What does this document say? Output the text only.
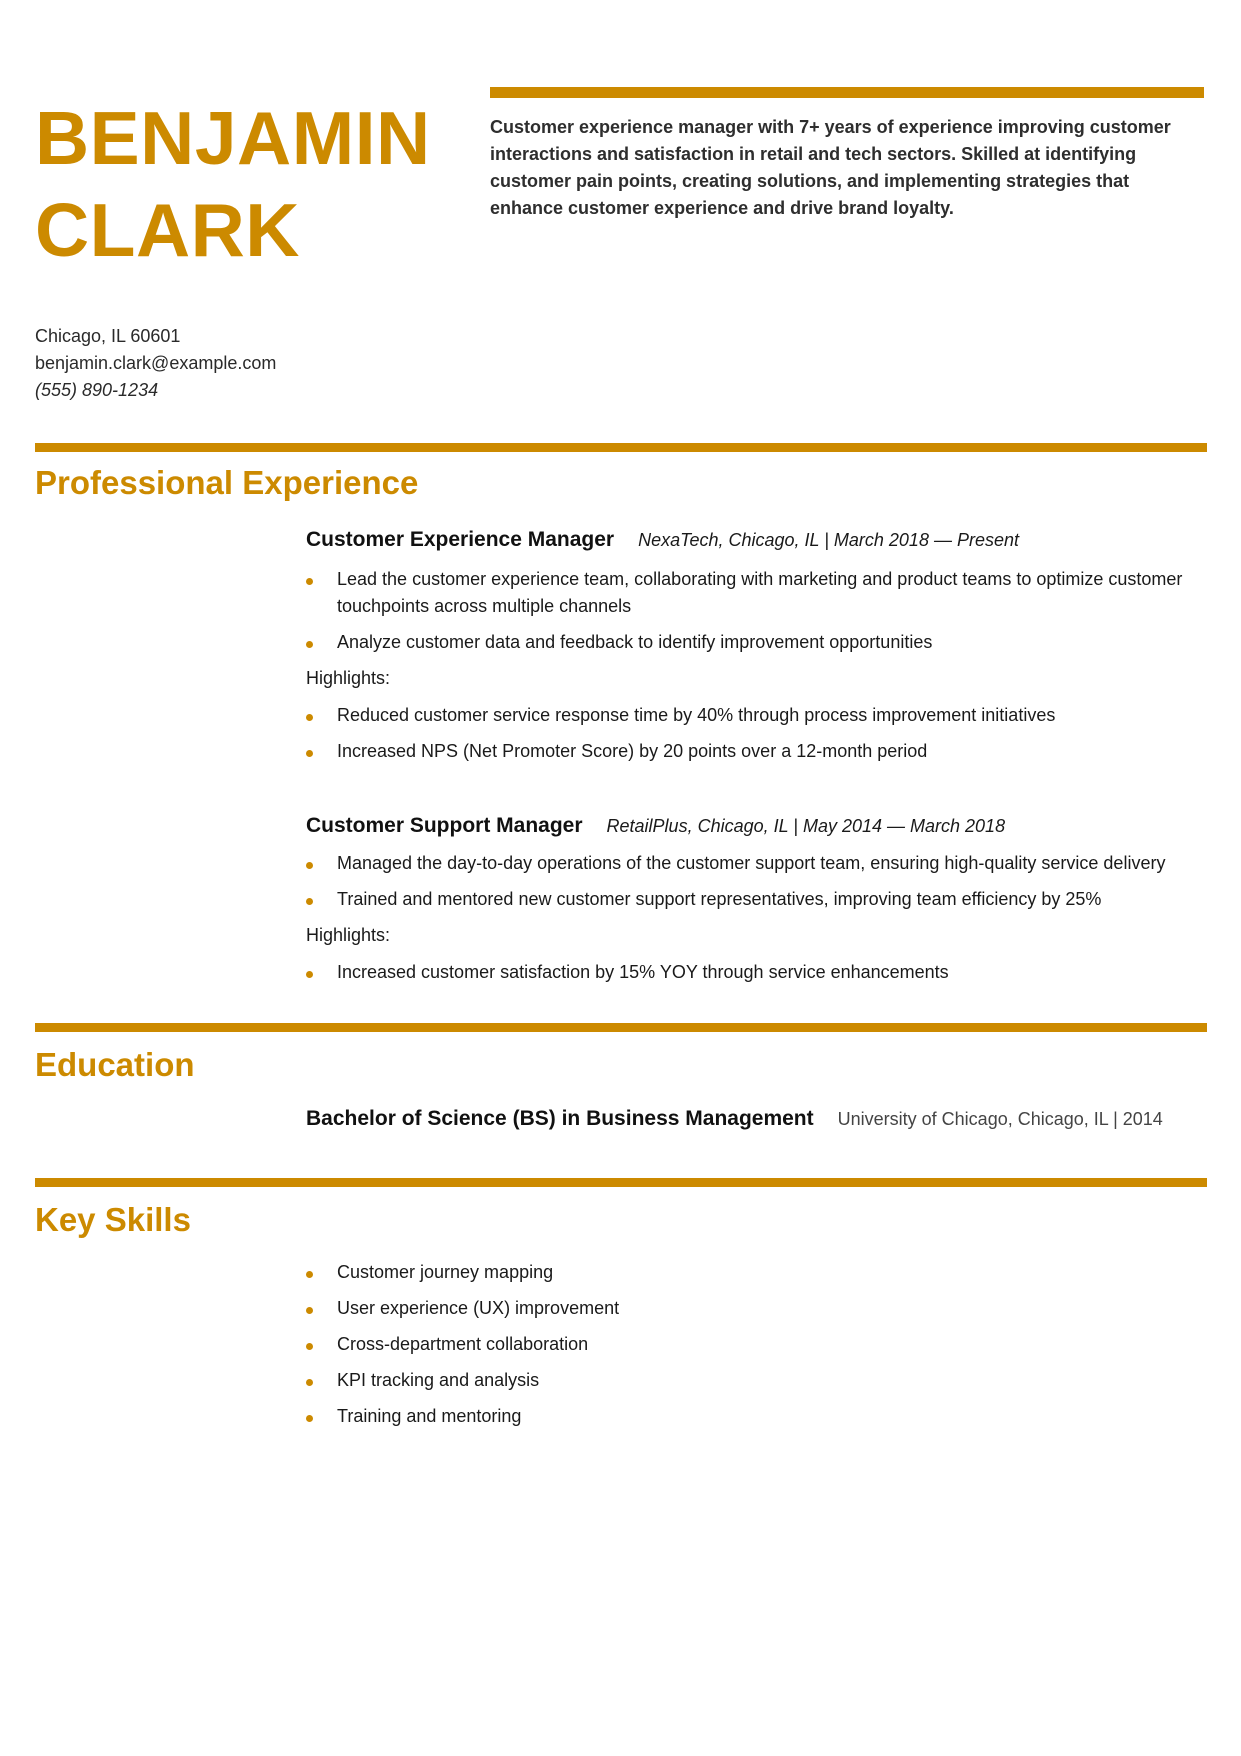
BENJAMIN
CLARK
Customer experience manager with 7+ years of experience improving customer interactions and satisfaction in retail and tech sectors. Skilled at identifying customer pain points, creating solutions, and implementing strategies that enhance customer experience and drive brand loyalty.
Chicago, IL 60601
benjamin.clark@example.com
(555) 890-1234
Professional Experience
Customer Experience Manager NexaTech, Chicago, IL | March 2018 — Present
Lead the customer experience team, collaborating with marketing and product teams to optimize customer touchpoints across multiple channels
Analyze customer data and feedback to identify improvement opportunities
Highlights:
Reduced customer service response time by 40% through process improvement initiatives
Increased NPS (Net Promoter Score) by 20 points over a 12-month period
Customer Support Manager RetailPlus, Chicago, IL | May 2014 — March 2018
Managed the day-to-day operations of the customer support team, ensuring high-quality service delivery
Trained and mentored new customer support representatives, improving team efficiency by 25%
Highlights:
Increased customer satisfaction by 15% YOY through service enhancements
Education
Bachelor of Science (BS) in Business Management University of Chicago, Chicago, IL | 2014
Key Skills
Customer journey mapping
User experience (UX) improvement
Cross-department collaboration
KPI tracking and analysis
Training and mentoring
